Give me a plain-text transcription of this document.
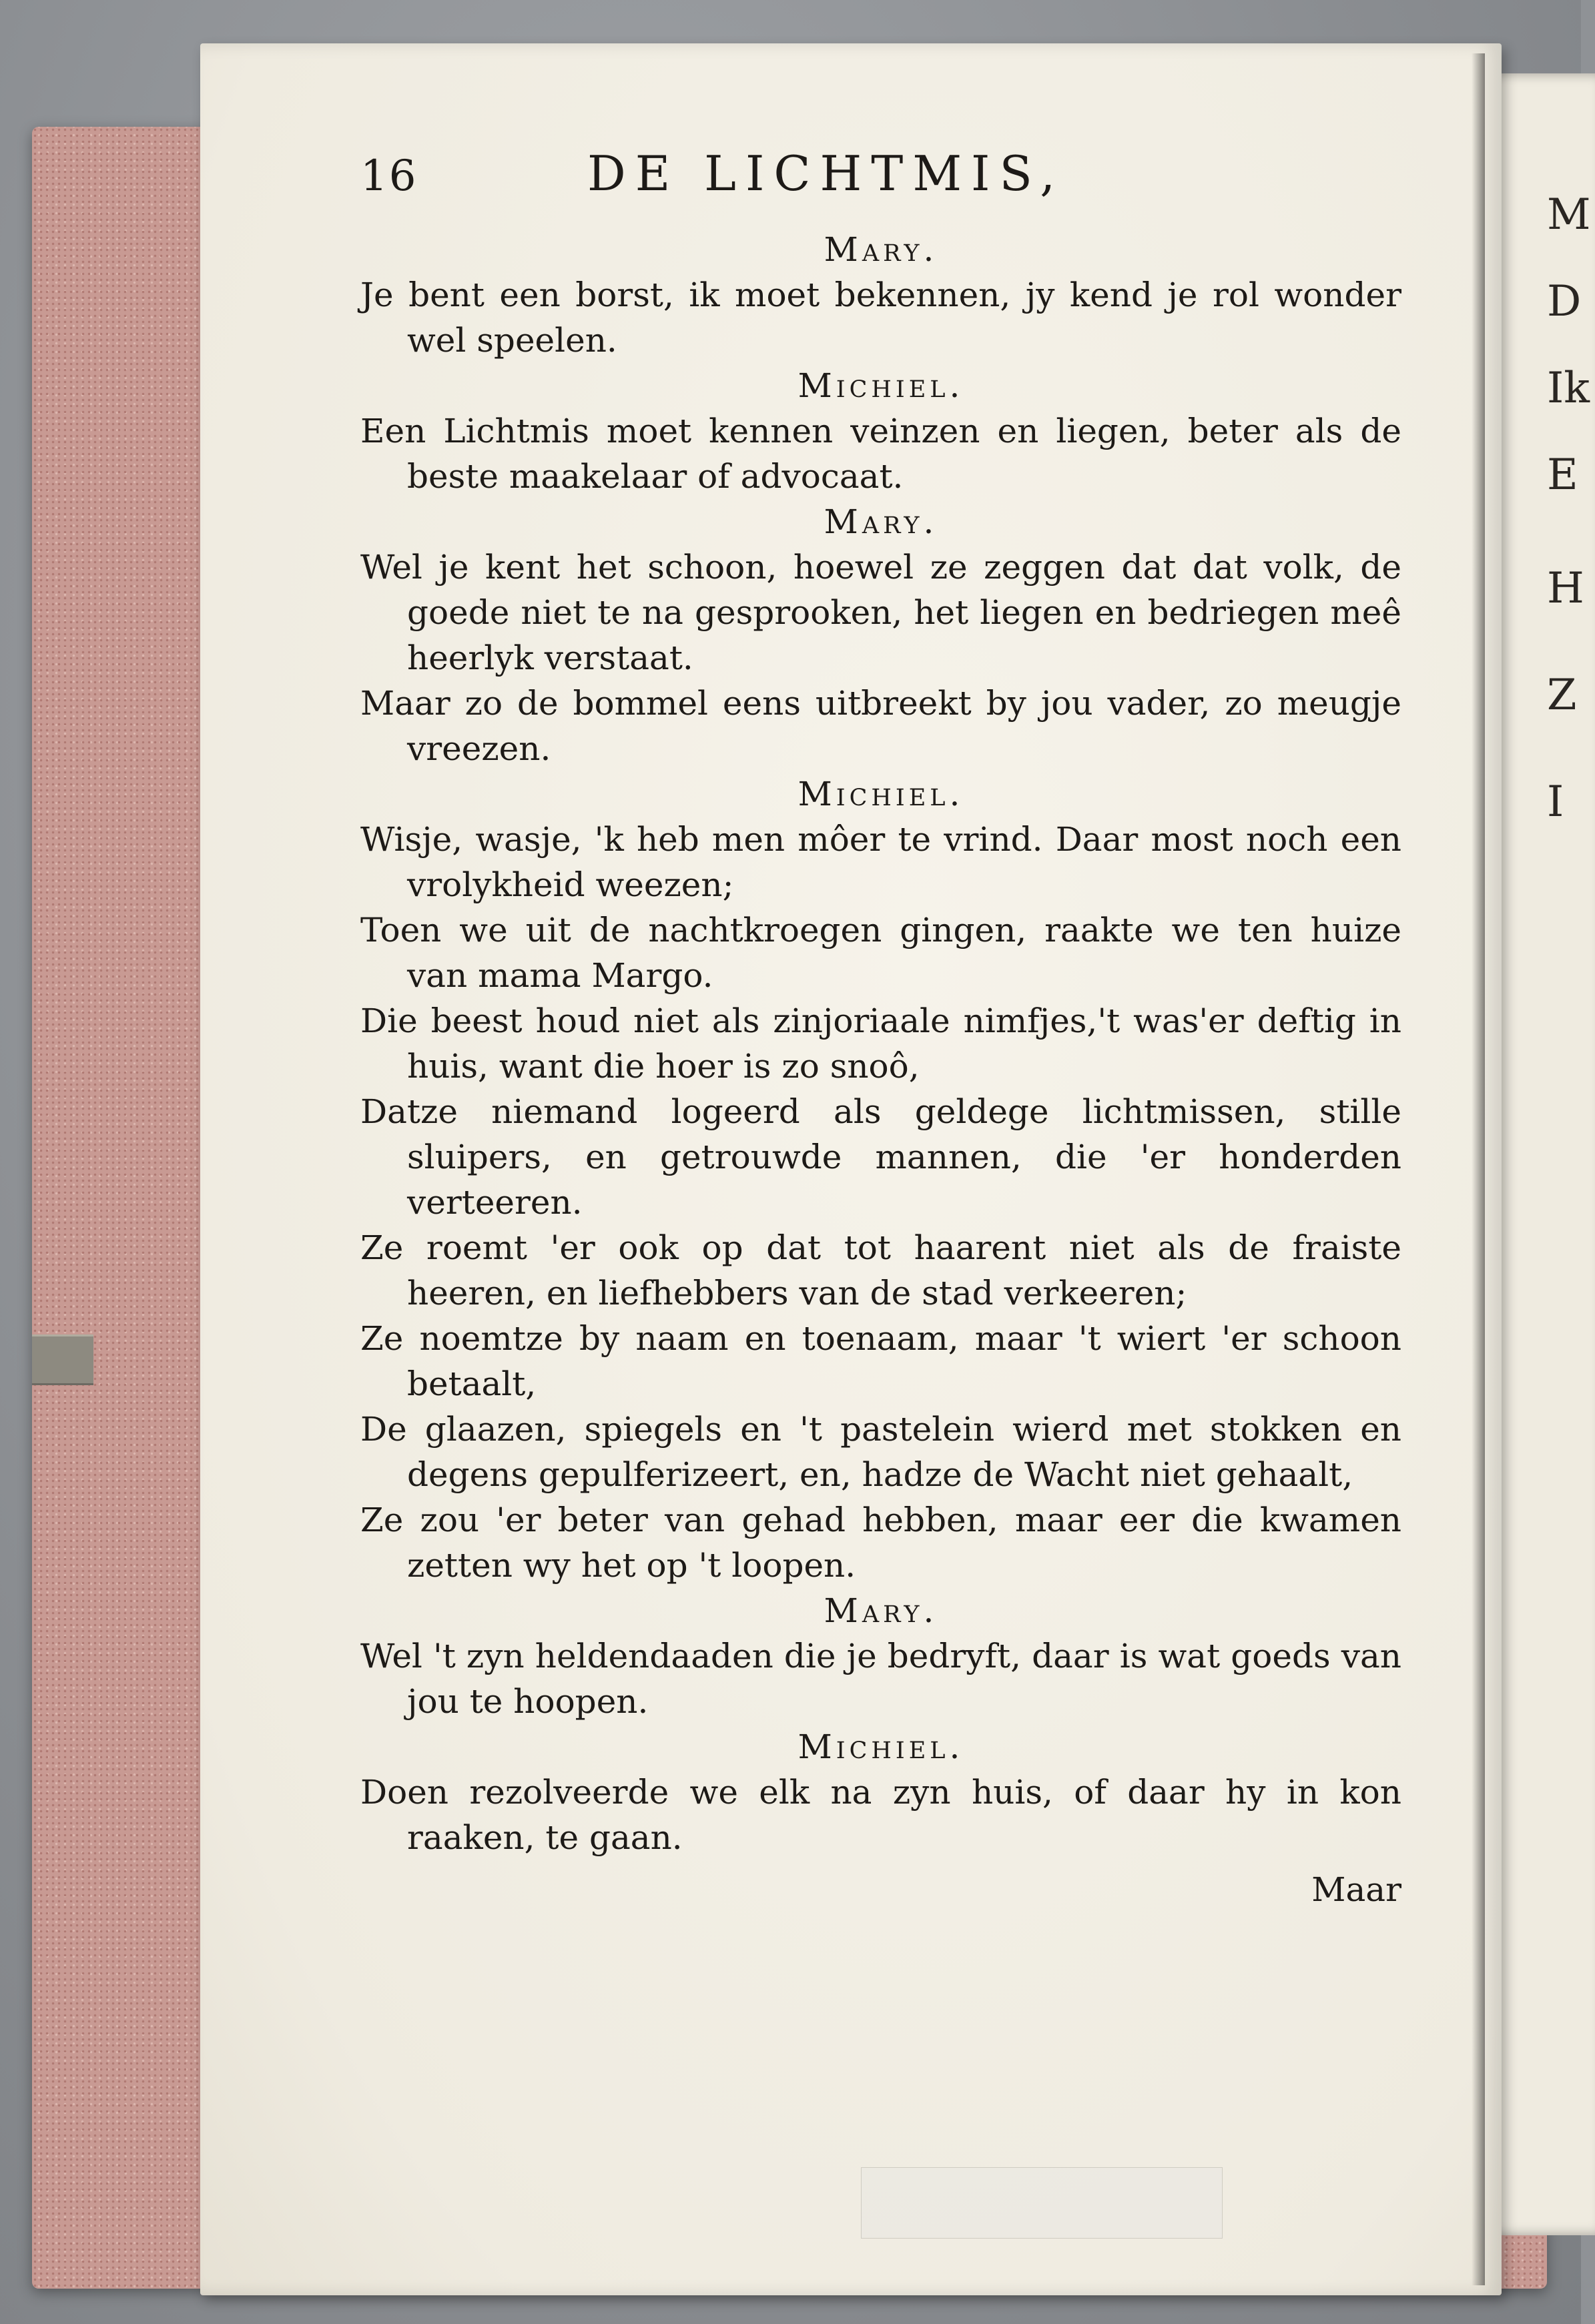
M
D
Ik
E
H
Z
I
16	DE LICHTMIS,

Mary.

Je bent een borst, ik moet bekennen, jy kend je rol wonder wel speelen.

Michiel.

Een Lichtmis moet kennen veinzen en liegen, beter als de beste maakelaar of advocaat.

Mary.

Wel je kent het schoon, hoewel ze zeggen dat dat volk, de goede niet te na gesprooken, het liegen en bedriegen meê heerlyk verstaat.

Maar zo de bommel eens uitbreekt by jou vader, zo meugje vreezen.

Michiel.

Wisje, wasje, 'k heb men môer te vrind. Daar most noch een vrolykheid weezen;

Toen we uit de nachtkroegen gingen, raakte we ten huize van mama Margo.

Die beest houd niet als zinjoriaale nimfjes,'t was'er deftig in huis, want die hoer is zo snoô,

Datze niemand logeerd als geldege lichtmissen, stille sluipers, en getrouwde mannen, die 'er honderden verteeren.

Ze roemt 'er ook op dat tot haarent niet als de fraiste heeren, en liefhebbers van de stad verkeeren;

Ze noemtze by naam en toenaam, maar 't wiert 'er schoon betaalt,

De glaazen, spiegels en 't pastelein wierd met stokken en degens gepulferizeert, en, hadze de Wacht niet gehaalt,

Ze zou 'er beter van gehad hebben, maar eer die kwamen zetten wy het op 't loopen.

Mary.

Wel 't zyn heldendaaden die je bedryft, daar is wat goeds van jou te hoopen.

Michiel.

Doen rezolveerde we elk na zyn huis, of daar hy in kon raaken, te gaan.

Maar
